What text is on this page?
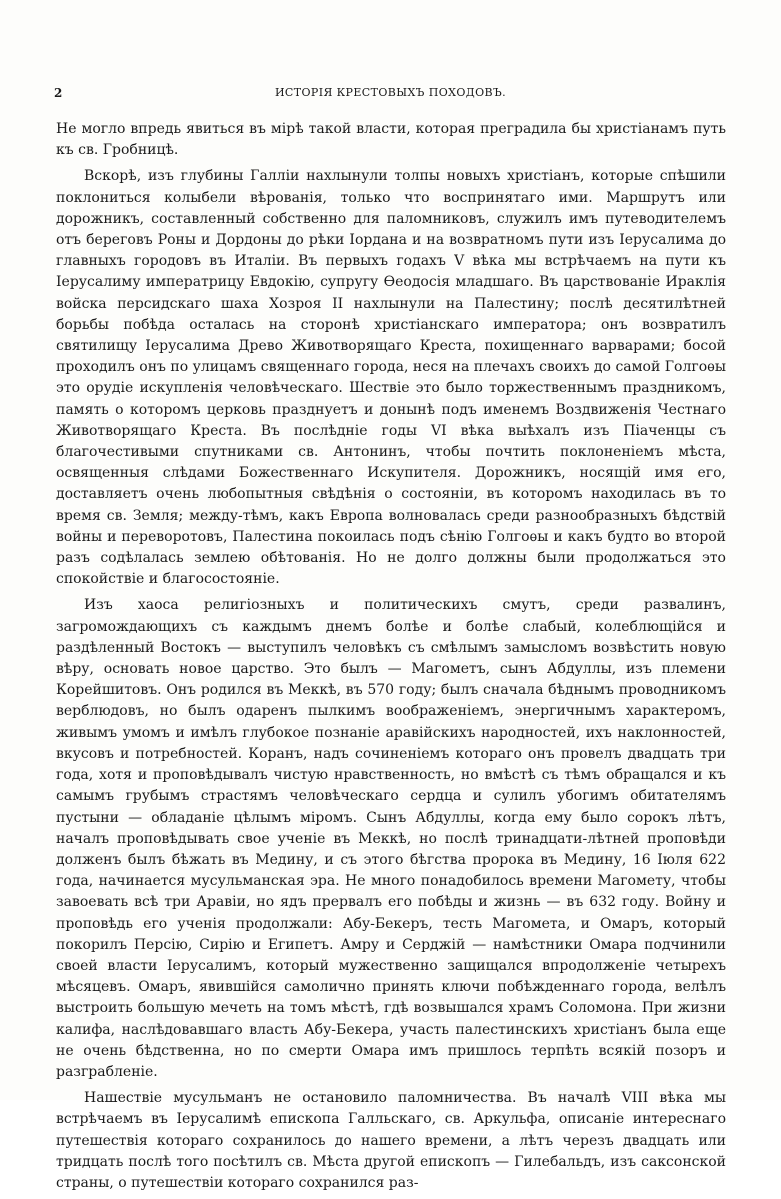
2	ИСТОРІЯ КРЕСТОВЫХЪ ПОХОДОВЪ.

Не могло впредь явиться въ мірѣ такой власти, которая преградила бы христіанамъ путь къ св. Гробницѣ.

Вскорѣ, изъ глубины Галліи нахлынули толпы новыхъ христіанъ, которые спѣшили поклониться колыбели вѣрованія, только что воспринятаго ими. Маршрутъ или дорожникъ, составленный собственно для паломниковъ, служилъ имъ путеводителемъ отъ береговъ Роны и Дордоны до рѣки Іордана и на возвратномъ пути изъ Іерусалима до главныхъ городовъ въ Италіи. Въ первыхъ годахъ V вѣка мы встрѣчаемъ на пути къ Іерусалиму императрицу Евдокію, супругу Ѳеодосія младшаго. Въ царствованіе Ираклія войска персидскаго шаха Хозроя II нахлынули на Палестину; послѣ десятилѣтней борьбы побѣда осталась на сторонѣ христіанскаго императора; онъ возвратилъ святилищу Іерусалима Древо Животворящаго Креста, похищеннаго варварами; босой проходилъ онъ по улицамъ священнаго города, неся на плечахъ своихъ до самой Голгоѳы это орудіе искупленія человѣческаго. Шествіе это было торжественнымъ праздникомъ, память о которомъ церковь празднуетъ и донынѣ подъ именемъ Воздвиженія Честнаго Животворящаго Креста. Въ послѣдніе годы VI вѣка выѣхалъ изъ Піаченцы съ благочестивыми спутниками св. Антонинъ, чтобы почтить поклоненіемъ мѣста, освященныя слѣдами Божественнаго Искупителя. Дорожникъ, носящій имя его, доставляетъ очень любопытныя свѣдѣнія о состояніи, въ которомъ находилась въ то время св. Земля; между-тѣмъ, какъ Европа волновалась среди разнообразныхъ бѣдствій войны и переворотовъ, Палестина покоилась подъ сѣнію Голгоѳы и какъ будто во второй разъ содѣлалась землею обѣтованія. Но не долго должны были продолжаться это спокойствіе и благосостояніе.

Изъ хаоса религіозныхъ и политическихъ смутъ, среди развалинъ, загромождающихъ съ каждымъ днемъ болѣе и болѣе слабый, колеблющійся и раздѣленный Востокъ — выступилъ человѣкъ съ смѣлымъ замысломъ возвѣстить новую вѣру, основать новое царство. Это былъ — Магометъ, сынъ Абдуллы, изъ племени Корейшитовъ. Онъ родился въ Меккѣ, въ 570 году; былъ сначала бѣднымъ проводникомъ верблюдовъ, но былъ одаренъ пылкимъ воображеніемъ, энергичнымъ характеромъ, живымъ умомъ и имѣлъ глубокое познаніе аравійскихъ народностей, ихъ наклонностей, вкусовъ и потребностей. Коранъ, надъ сочиненіемъ котораго онъ провелъ двадцать три года, хотя и проповѣдывалъ чистую нравственность, но вмѣстѣ съ тѣмъ обращался и къ самымъ грубымъ страстямъ человѣческаго сердца и сулилъ убогимъ обитателямъ пустыни — обладаніе цѣлымъ міромъ. Сынъ Абдуллы, когда ему было сорокъ лѣтъ, началъ проповѣдывать свое ученіе въ Меккѣ, но послѣ тринадцати-лѣтней проповѣди долженъ былъ бѣжать въ Медину, и съ этого бѣгства пророка въ Медину, 16 Іюля 622 года, начинается мусульманская эра. Не много понадобилось времени Магомету, чтобы завоевать всѣ три Аравіи, но ядъ прервалъ его побѣды и жизнь — въ 632 году. Войну и проповѣдь его ученія продолжали: Абу-Бекеръ, тесть Магомета, и Омаръ, который покорилъ Персію, Сирію и Египетъ. Амру и Серджій — намѣстники Омара подчинили своей власти Іерусалимъ, который мужественно защищался впродолженіе четырехъ мѣсяцевъ. Омаръ, явившійся самолично принять ключи побѣжденнаго города, велѣлъ выстроить большую мечеть на томъ мѣстѣ, гдѣ возвышался храмъ Соломона. При жизни калифа, наслѣдовавшаго власть Абу-Бекера, участь палестинскихъ христіанъ была еще не очень бѣдственна, но по смерти Омара имъ пришлось терпѣть всякій позоръ и разграбленіе.

Нашествіе мусульманъ не остановило паломничества. Въ началѣ VIII вѣка мы встрѣчаемъ въ Іерусалимѣ епископа Галльскаго, св. Аркульфа, описаніе интереснаго путешествія котораго сохранилось до нашего времени, а лѣтъ черезъ двадцать или тридцать послѣ того посѣтилъ св. Мѣста другой епископъ — Гилебальдъ, изъ саксонской страны, о путешествіи котораго сохранился раз-
